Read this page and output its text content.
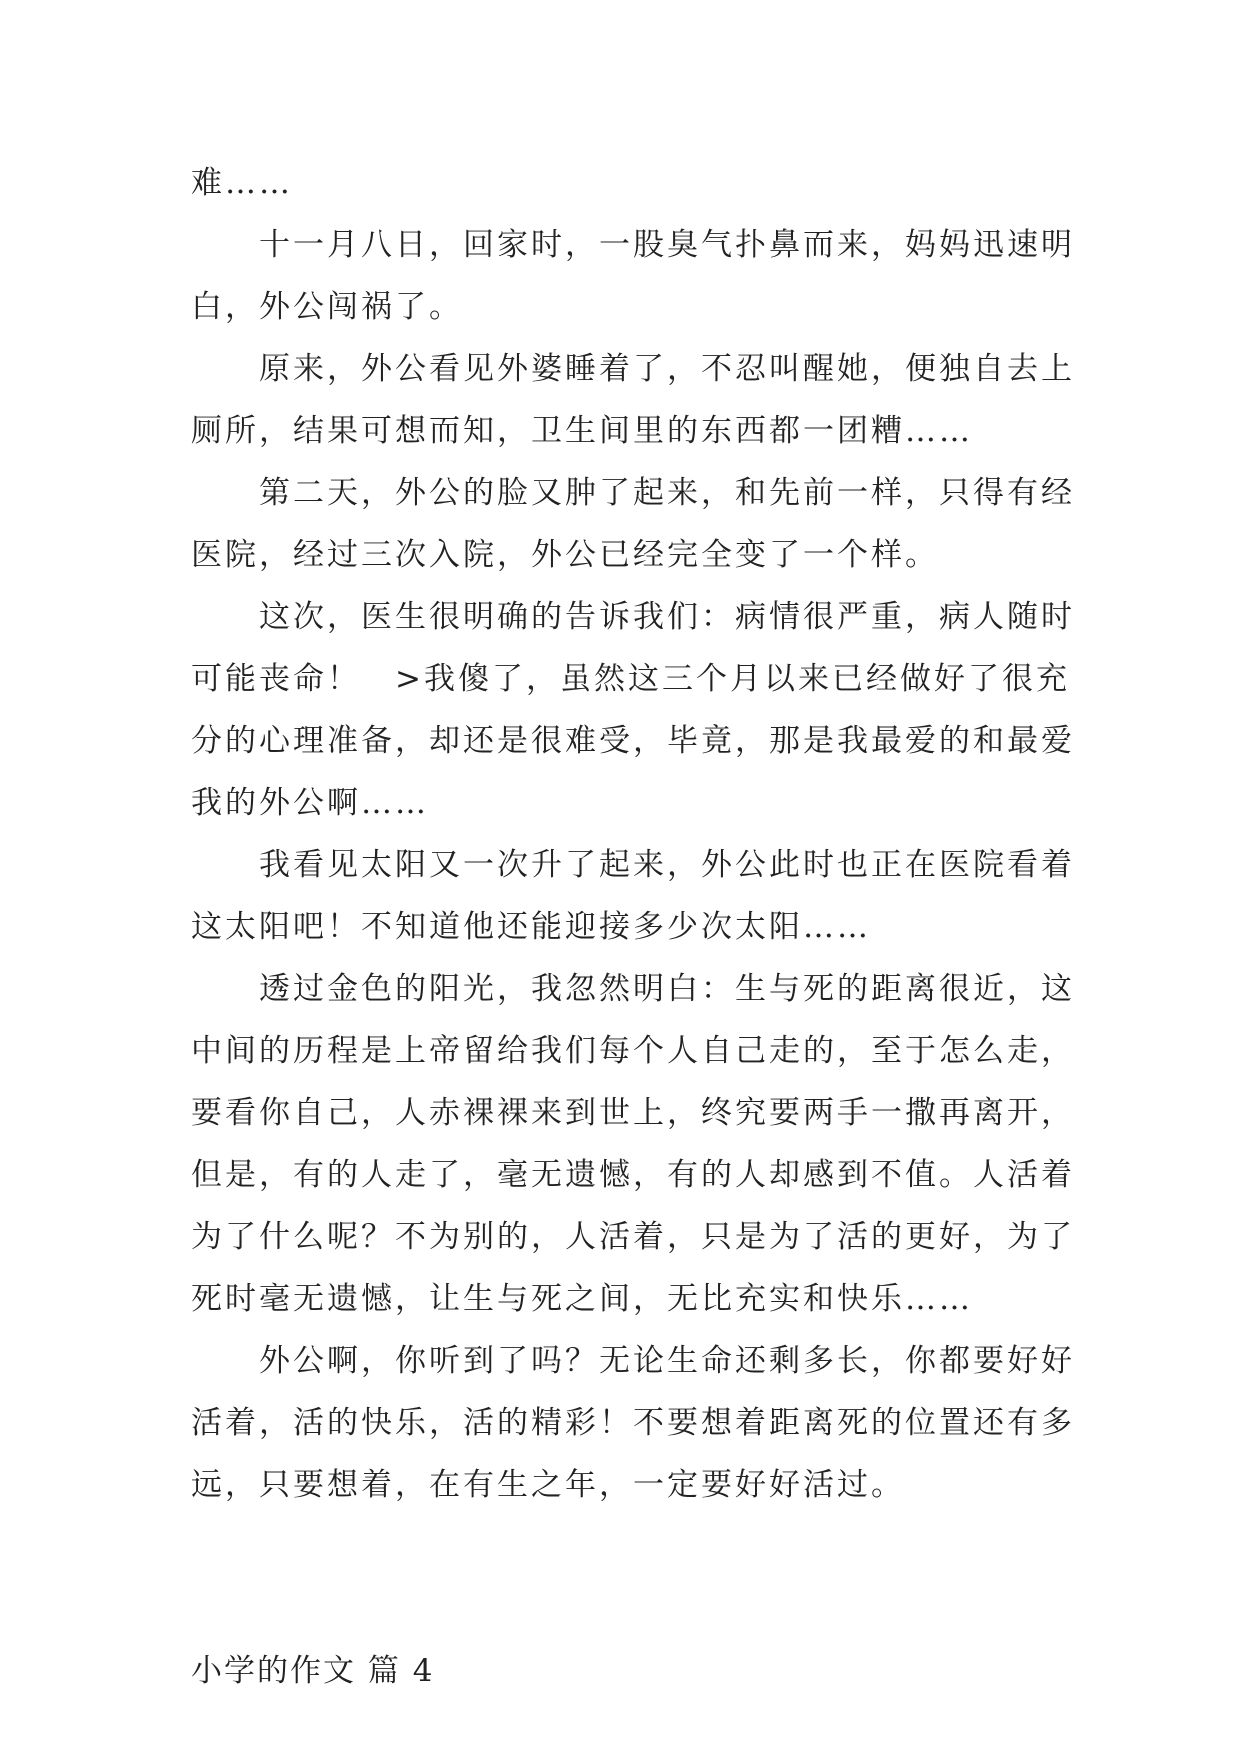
难……
十一月八日，回家时，一股臭气扑鼻而来，妈妈迅速明
白，外公闯祸了。
原来，外公看见外婆睡着了，不忍叫醒她，便独自去上
厕所，结果可想而知，卫生间里的东西都一团糟……
第二天，外公的脸又肿了起来，和先前一样，只得有经
医院，经过三次入院，外公已经完全变了一个样。
这次，医生很明确的告诉我们：病情很严重，病人随时
可能丧命！　>我傻了，虽然这三个月以来已经做好了很充
分的心理准备，却还是很难受，毕竟，那是我最爱的和最爱
我的外公啊……
我看见太阳又一次升了起来，外公此时也正在医院看着
这太阳吧！不知道他还能迎接多少次太阳……
透过金色的阳光，我忽然明白：生与死的距离很近，这
中间的历程是上帝留给我们每个人自己走的，至于怎么走，
要看你自己，人赤裸裸来到世上，终究要两手一撒再离开，
但是，有的人走了，毫无遗憾，有的人却感到不值。人活着
为了什么呢？不为别的，人活着，只是为了活的更好，为了
死时毫无遗憾，让生与死之间，无比充实和快乐……
外公啊，你听到了吗？无论生命还剩多长，你都要好好
活着，活的快乐，活的精彩！不要想着距离死的位置还有多
远，只要想着，在有生之年，一定要好好活过。
小学的作文 篇 4
